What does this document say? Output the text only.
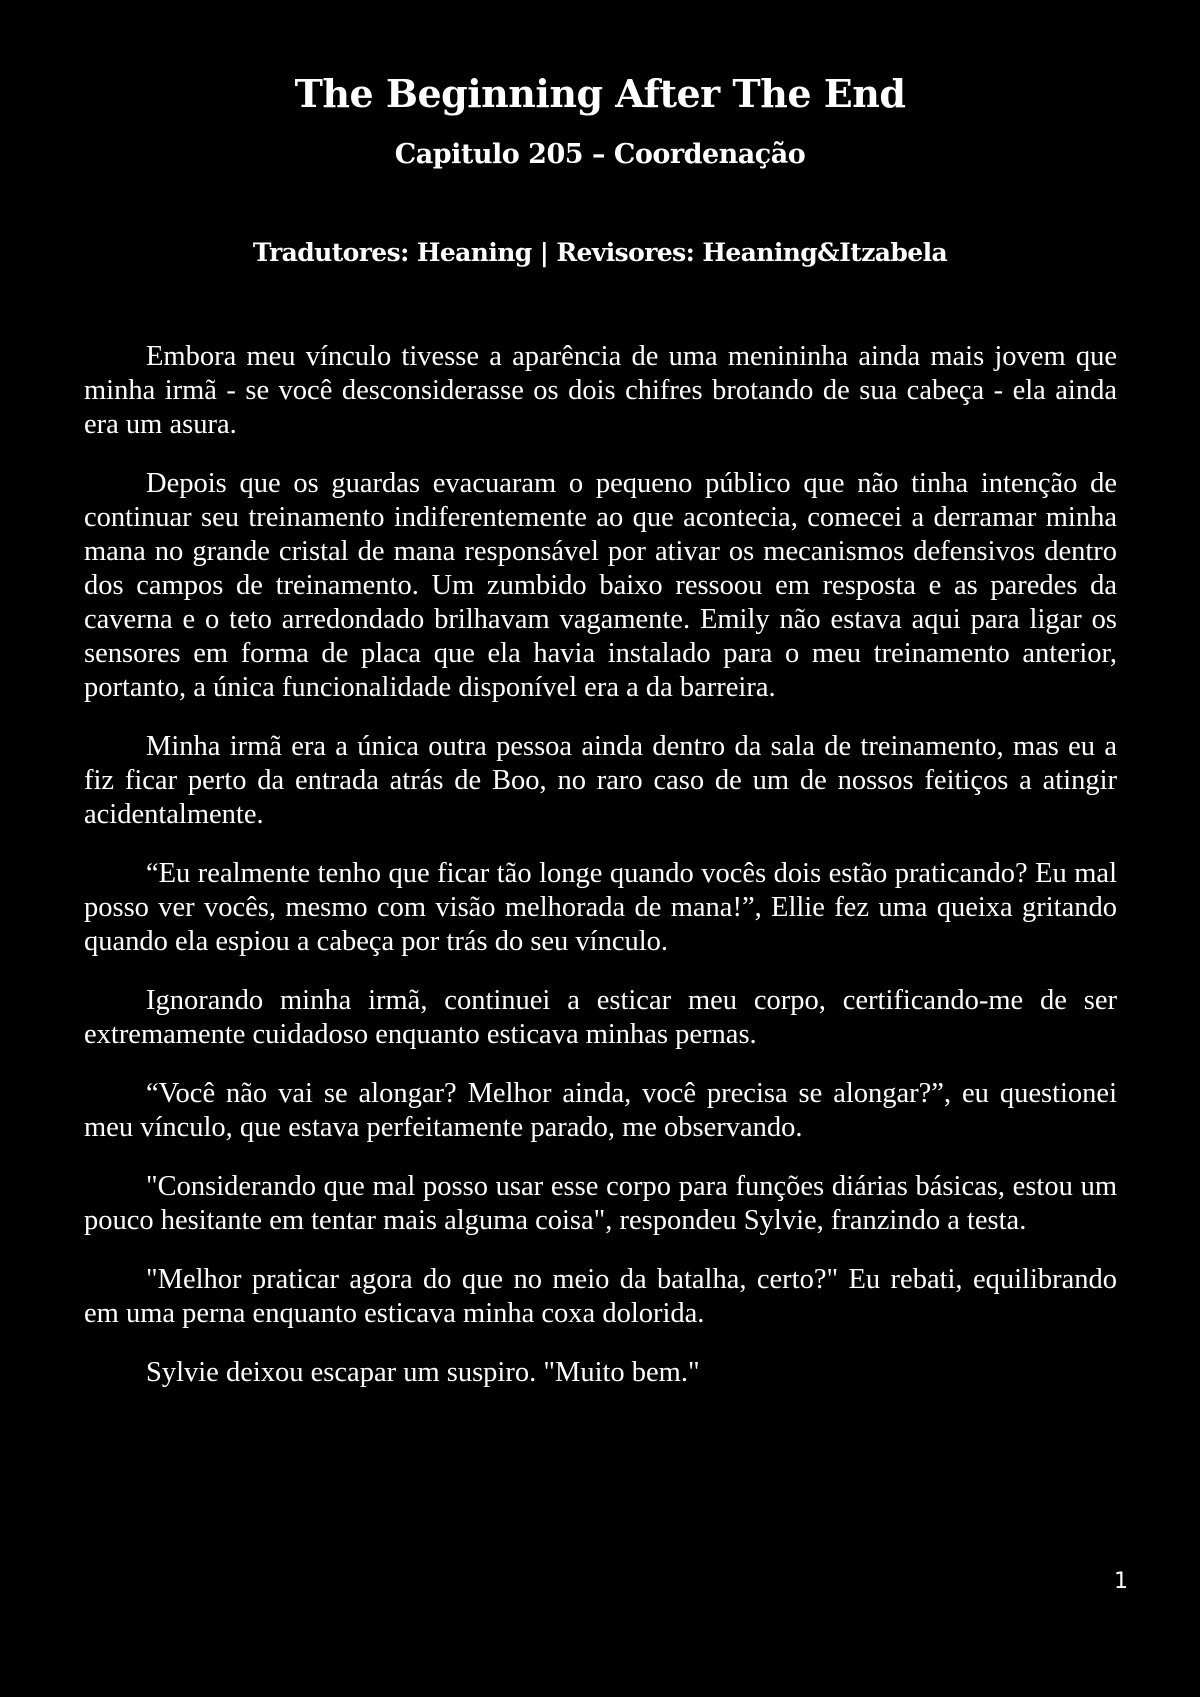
The Beginning After The End
Capitulo 205 – Coordenação

Tradutores: Heaning | Revisores: Heaning&Itzabela

Embora meu vínculo tivesse a aparência de uma menininha ainda mais jovem que minha irmã - se você desconsiderasse os dois chifres brotando de sua cabeça - ela ainda era um asura.

Depois que os guardas evacuaram o pequeno público que não tinha intenção de continuar seu treinamento indiferentemente ao que acontecia, comecei a derramar minha mana no grande cristal de mana responsável por ativar os mecanismos defensivos dentro dos campos de treinamento. Um zumbido baixo ressoou em resposta e as paredes da caverna e o teto arredondado brilhavam vagamente. Emily não estava aqui para ligar os sensores em forma de placa que ela havia instalado para o meu treinamento anterior, portanto, a única funcionalidade disponível era a da barreira.

Minha irmã era a única outra pessoa ainda dentro da sala de treinamento, mas eu a fiz ficar perto da entrada atrás de Boo, no raro caso de um de nossos feitiços a atingir acidentalmente.

“Eu realmente tenho que ficar tão longe quando vocês dois estão praticando? Eu mal posso ver vocês, mesmo com visão melhorada de mana!”, Ellie fez uma queixa gritando quando ela espiou a cabeça por trás do seu vínculo.

Ignorando minha irmã, continuei a esticar meu corpo, certificando-me de ser extremamente cuidadoso enquanto esticava minhas pernas.

“Você não vai se alongar? Melhor ainda, você precisa se alongar?”, eu questionei meu vínculo, que estava perfeitamente parado, me observando.

"Considerando que mal posso usar esse corpo para funções diárias básicas, estou um pouco hesitante em tentar mais alguma coisa", respondeu Sylvie, franzindo a testa.

"Melhor praticar agora do que no meio da batalha, certo?" Eu rebati, equilibrando em uma perna enquanto esticava minha coxa dolorida.

Sylvie deixou escapar um suspiro. "Muito bem."

1
